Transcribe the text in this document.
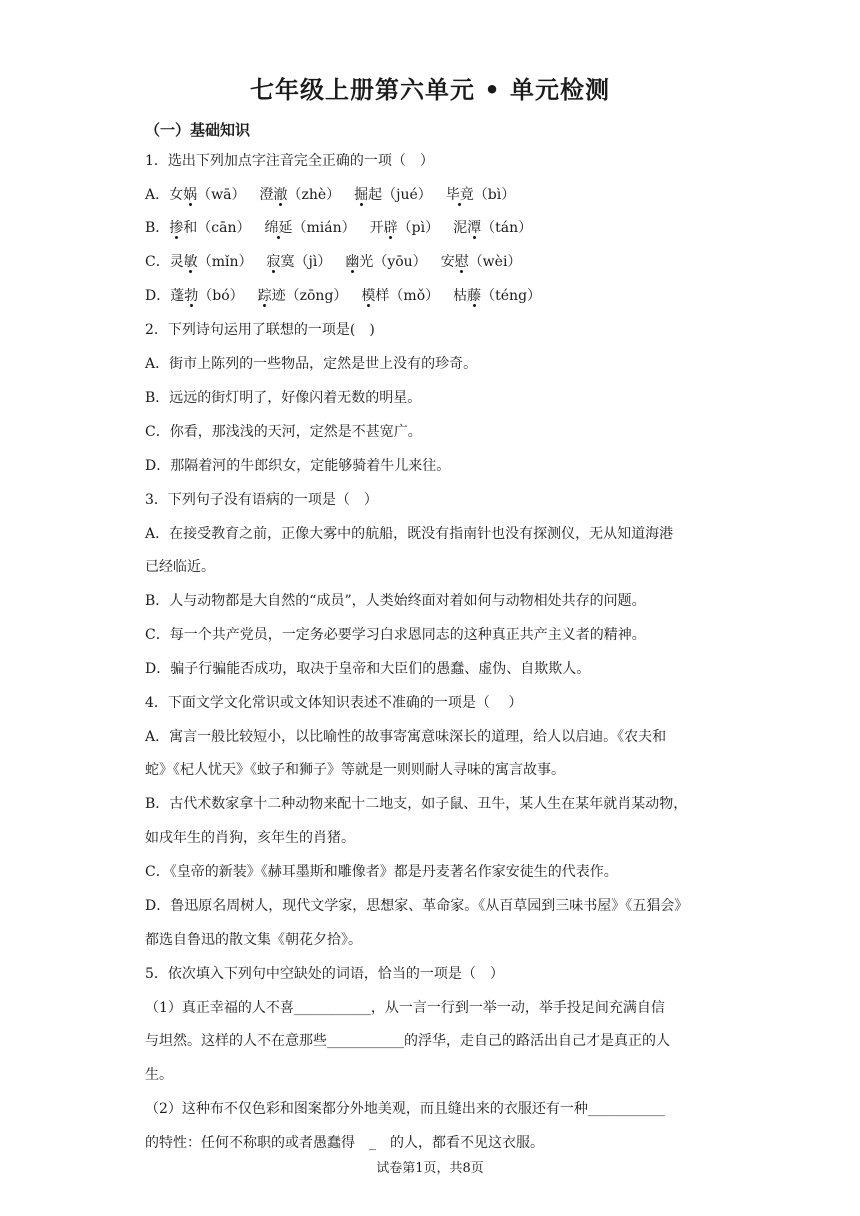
七年级上册第六单元 • 单元检测
（一）基础知识
1．选出下列加点字注音完全正确的一项（　）
A．女娲（wā） 澄澈（zhè） 掘起（jué） 毕竟（bì）
B．掺和（cān） 绵延（mián） 开辟（pì） 泥潭（tán）
C．灵敏（mǐn） 寂寞（jì） 幽光（yōu） 安慰（wèi）
D．蓬勃（bó） 踪迹（zōng） 模样（mǒ） 枯藤（téng）
2．下列诗句运用了联想的一项是(　)
A．街市上陈列的一些物品，定然是世上没有的珍奇。
B．远远的街灯明了，好像闪着无数的明星。
C．你看，那浅浅的天河，定然是不甚宽广。
D．那隔着河的牛郎织女，定能够骑着牛儿来往。
3．下列句子没有语病的一项是（　）
A．在接受教育之前，正像大雾中的航船，既没有指南针也没有探测仪，无从知道海港
已经临近。
B．人与动物都是大自然的“成员”，人类始终面对着如何与动物相处共存的问题。
C．每一个共产党员，一定务必要学习白求恩同志的这种真正共产主义者的精神。
D．骗子行骗能否成功，取决于皇帝和大臣们的愚蠢、虚伪、自欺欺人。
4．下面文学文化常识或文体知识表述不准确的一项是（　 ）
A．寓言一般比较短小，以比喻性的故事寄寓意味深长的道理，给人以启迪。《农夫和
蛇》《杞人忧天》《蚊子和狮子》等就是一则则耐人寻味的寓言故事。
B．古代术数家拿十二种动物来配十二地支，如子鼠、丑牛，某人生在某年就肖某动物，
如戌年生的肖狗，亥年生的肖猪。
C．《皇帝的新装》《赫耳墨斯和雕像者》都是丹麦著名作家安徒生的代表作。
D．鲁迅原名周树人，现代文学家，思想家、革命家。《从百草园到三味书屋》《五猖会》
都选自鲁迅的散文集《朝花夕拾》。
5．依次填入下列句中空缺处的词语，恰当的一项是（　）
（1）真正幸福的人不喜___________，从一言一行到一举一动，举手投足间充满自信
与坦然。这样的人不在意那些___________的浮华，走自己的路活出自己才是真正的人
生。
（2）这种布不仅色彩和图案都分外地美观，而且缝出来的衣服还有一种___________
的特性：任何不称职的或者愚蠢得　_　的人，都看不见这衣服。
试卷第1页，共8页
